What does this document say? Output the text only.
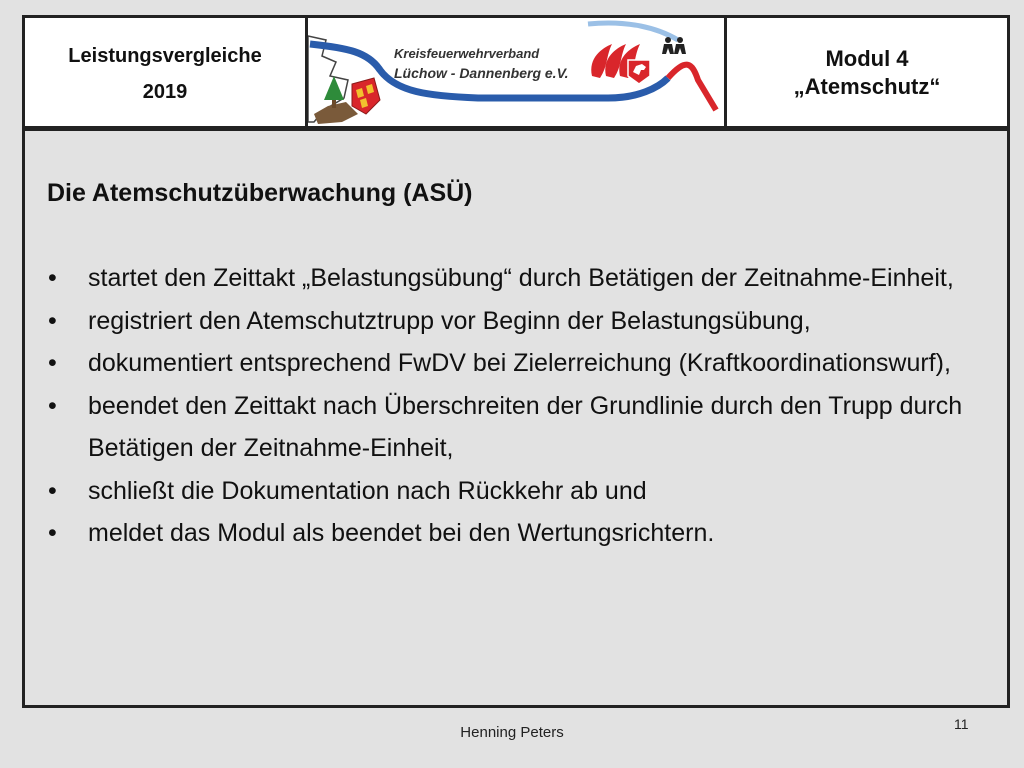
Leistungsvergleiche
2019
Kreisfeuerwehrverband
Lüchow - Dannenberg e.V.
Modul 4
„Atemschutz“
Die Atemschutzüberwachung (ASÜ)
• startet den Zeittakt „Belastungsübung“ durch Betätigen der Zeitnahme-Einheit,
• registriert den Atemschutztrupp vor Beginn der Belastungsübung,
• dokumentiert entsprechend FwDV bei Zielerreichung (Kraftkoordinationswurf),
• beendet den Zeittakt nach Überschreiten der Grundlinie durch den Trupp durch Betätigen der Zeitnahme-Einheit,
• schließt die Dokumentation nach Rückkehr ab und
• meldet das Modul als beendet bei den Wertungsrichtern.
Henning Peters	11
